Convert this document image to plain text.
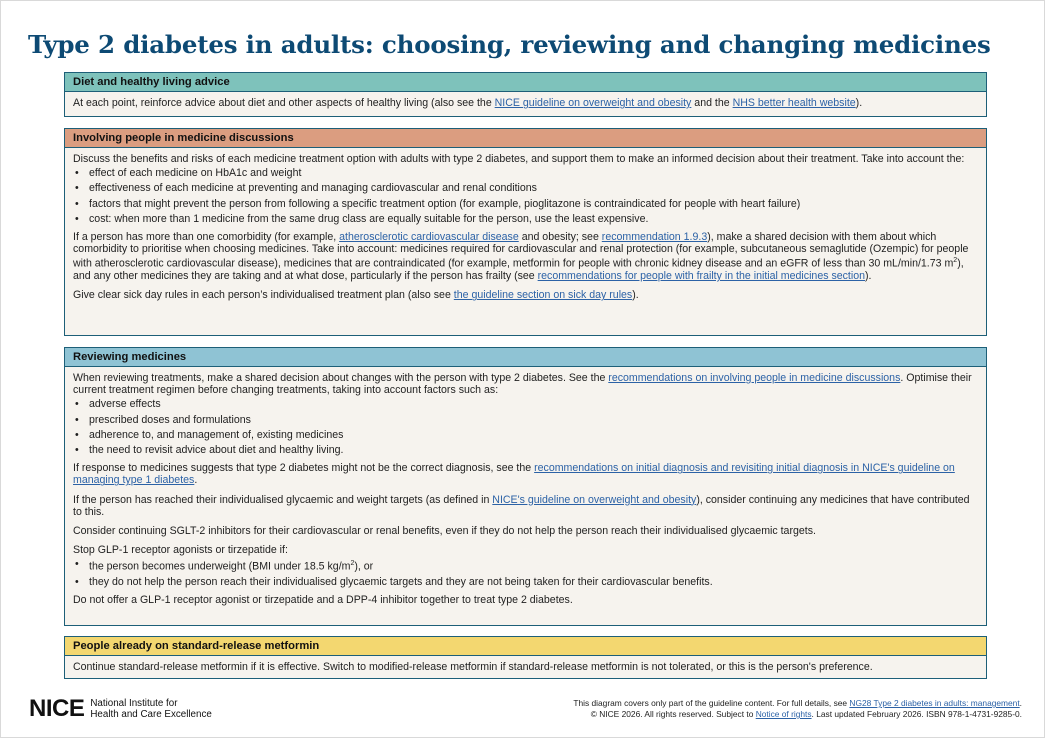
Type 2 diabetes in adults: choosing, reviewing and changing medicines
Diet and healthy living advice

At each point, reinforce advice about diet and other aspects of healthy living (also see the NICE guideline on overweight and obesity and the NHS better health website).

Involving people in medicine discussions

Discuss the benefits and risks of each medicine treatment option with adults with type 2 diabetes, and support them to make an informed decision about their treatment. Take into account the:

• effect of each medicine on HbA1c and weight
• effectiveness of each medicine at preventing and managing cardiovascular and renal conditions
• factors that might prevent the person from following a specific treatment option (for example, pioglitazone is contraindicated for people with heart failure)
• cost: when more than 1 medicine from the same drug class are equally suitable for the person, use the least expensive.

If a person has more than one comorbidity (for example, atherosclerotic cardiovascular disease and obesity; see recommendation 1.9.3), make a shared decision with them about which comorbidity to prioritise when choosing medicines. Take into account: medicines required for cardiovascular and renal protection (for example, subcutaneous semaglutide (Ozempic) for people with atherosclerotic cardiovascular disease), medicines that are contraindicated (for example, metformin for people with chronic kidney disease and an eGFR of less than 30 mL/min/1.73 $m^2$), and any other medicines they are taking and at what dose, particularly if the person has frailty (see recommendations for people with frailty in the initial medicines section).

Give clear sick day rules in each person’s individualised treatment plan (also see the guideline section on sick day rules).

Reviewing medicines

When reviewing treatments, make a shared decision about changes with the person with type 2 diabetes. See the recommendations on involving people in medicine discussions. Optimise their current treatment regimen before changing treatments, taking into account factors such as:

• adverse effects
• prescribed doses and formulations
• adherence to, and management of, existing medicines
• the need to revisit advice about diet and healthy living.

If response to medicines suggests that type 2 diabetes might not be the correct diagnosis, see the recommendations on initial diagnosis and revisiting initial diagnosis in NICE's guideline on managing type 1 diabetes.

If the person has reached their individualised glycaemic and weight targets (as defined in NICE's guideline on overweight and obesity), consider continuing any medicines that have contributed to this.

Consider continuing SGLT-2 inhibitors for their cardiovascular or renal benefits, even if they do not help the person reach their individualised glycaemic targets.

Stop GLP-1 receptor agonists or tirzepatide if:

• the person becomes underweight (BMI under 18.5 $kg/m^2$), or
• they do not help the person reach their individualised glycaemic targets and they are not being taken for their cardiovascular benefits.

Do not offer a GLP-1 receptor agonist or tirzepatide and a DPP-4 inhibitor together to treat type 2 diabetes.

People already on standard-release metformin

Continue standard-release metformin if it is effective. Switch to modified-release metformin if standard-release metformin is not tolerated, or this is the person's preference.

NICE National Institute for
Health and Care Excellence
This diagram covers only part of the guideline content. For full details, see NG28 Type 2 diabetes in adults: management.
© NICE 2026. All rights reserved. Subject to Notice of rights. Last updated February 2026. ISBN 978-1-4731-9285-0.
